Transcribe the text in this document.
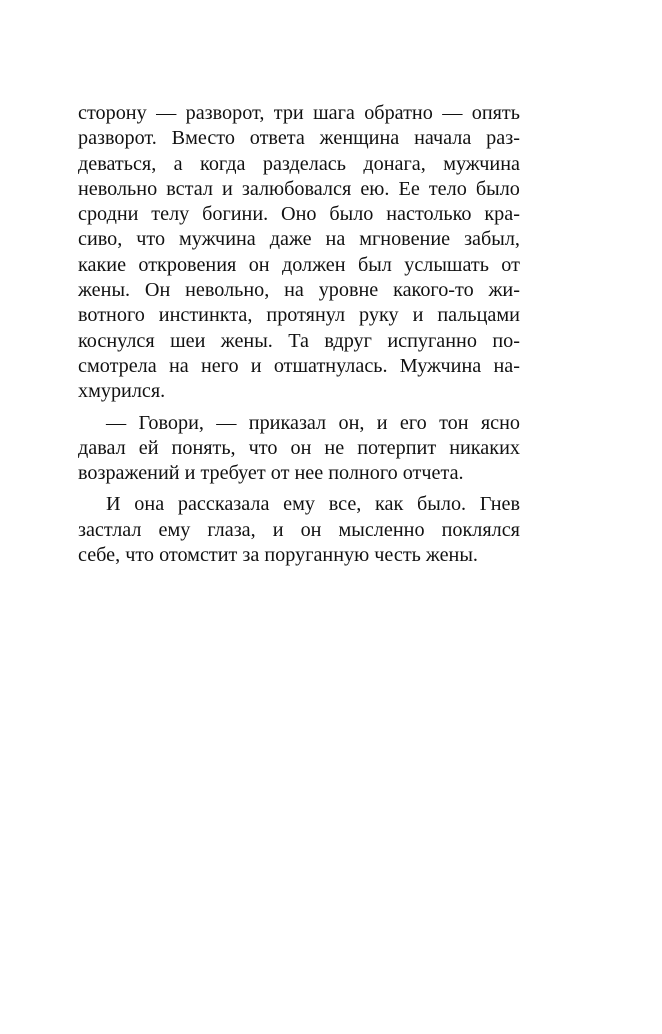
сторону — разворот, три шага обратно — опять
разворот. Вместо ответа женщина начала раз-
деваться, а когда разделась донага, мужчина
невольно встал и залюбовался ею. Ее тело было
сродни телу богини. Оно было настолько кра-
сиво, что мужчина даже на мгновение забыл,
какие откровения он должен был услышать от
жены. Он невольно, на уровне какого-то жи-
вотного инстинкта, протянул руку и пальцами
коснулся шеи жены. Та вдруг испуганно по-
смотрела на него и отшатнулась. Мужчина на-
хмурился.
— Говори, — приказал он, и его тон ясно
давал ей понять, что он не потерпит никаких
возражений и требует от нее полного отчета.
И она рассказала ему все, как было. Гнев
застлал ему глаза, и он мысленно поклялся
себе, что отомстит за поруганную честь жены.
